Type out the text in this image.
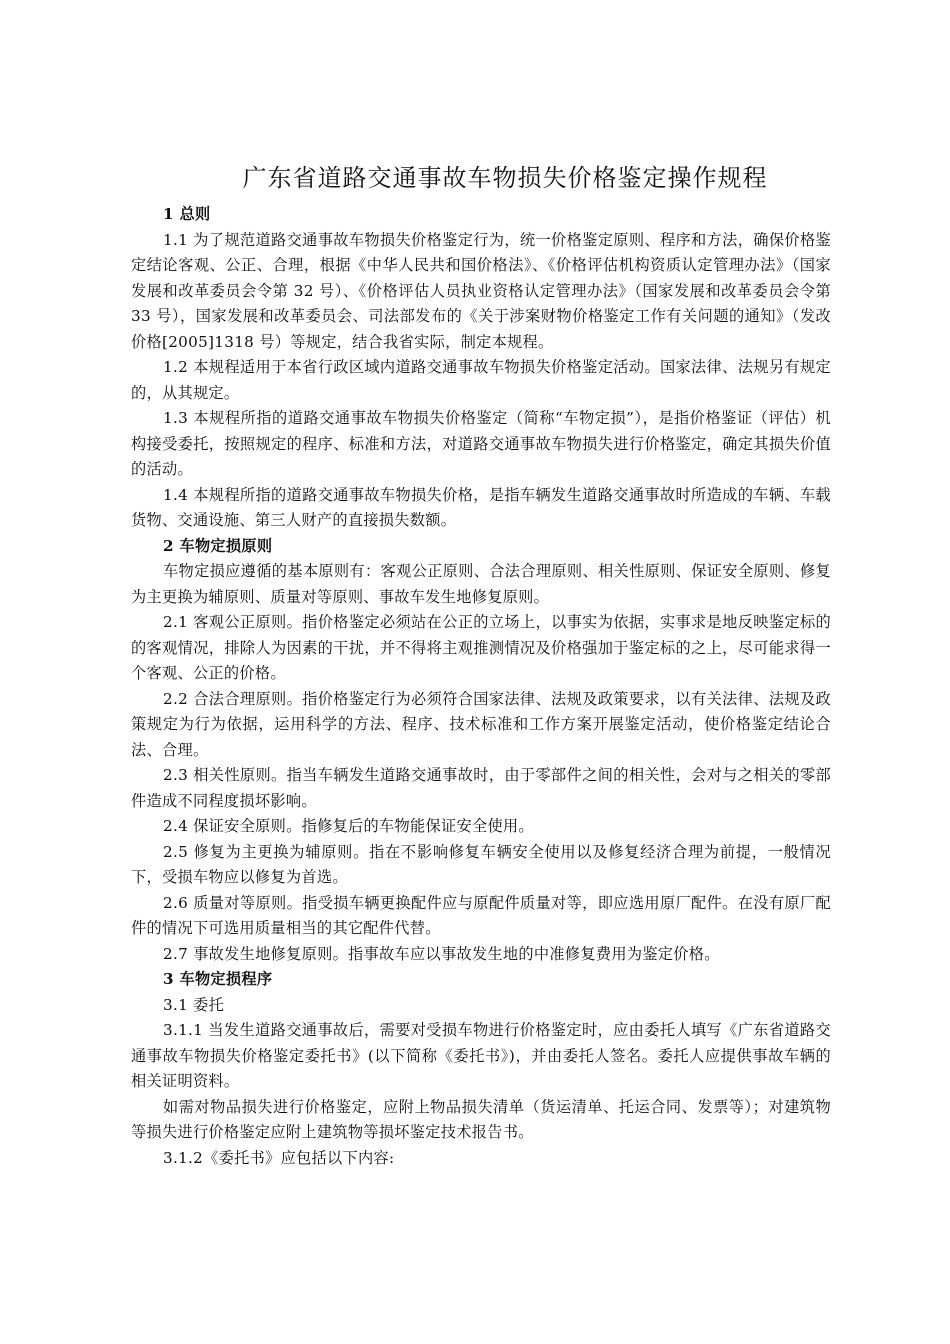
广东省道路交通事故车物损失价格鉴定操作规程

1 总则

1.1 为了规范道路交通事故车物损失价格鉴定行为，统一价格鉴定原则、程序和方法，确保价格鉴定结论客观、公正、合理，根据《中华人民共和国价格法》、《价格评估机构资质认定管理办法》（国家发展和改革委员会令第 32 号）、《价格评估人员执业资格认定管理办法》（国家发展和改革委员会令第 33 号），国家发展和改革委员会、司法部发布的《关于涉案财物价格鉴定工作有关问题的通知》（发改价格[2005]1318 号）等规定，结合我省实际，制定本规程。

1.2 本规程适用于本省行政区域内道路交通事故车物损失价格鉴定活动。国家法律、法规另有规定的，从其规定。

1.3 本规程所指的道路交通事故车物损失价格鉴定（简称“车物定损”），是指价格鉴证（评估）机构接受委托，按照规定的程序、标准和方法，对道路交通事故车物损失进行价格鉴定，确定其损失价值的活动。

1.4 本规程所指的道路交通事故车物损失价格，是指车辆发生道路交通事故时所造成的车辆、车载货物、交通设施、第三人财产的直接损失数额。

2 车物定损原则

车物定损应遵循的基本原则有：客观公正原则、合法合理原则、相关性原则、保证安全原则、修复为主更换为辅原则、质量对等原则、事故车发生地修复原则。

2.1 客观公正原则。指价格鉴定必须站在公正的立场上，以事实为依据，实事求是地反映鉴定标的的客观情况，排除人为因素的干扰，并不得将主观推测情况及价格强加于鉴定标的之上，尽可能求得一个客观、公正的价格。

2.2 合法合理原则。指价格鉴定行为必须符合国家法律、法规及政策要求，以有关法律、法规及政策规定为行为依据，运用科学的方法、程序、技术标准和工作方案开展鉴定活动，使价格鉴定结论合法、合理。

2.3 相关性原则。指当车辆发生道路交通事故时，由于零部件之间的相关性，会对与之相关的零部件造成不同程度损坏影响。

2.4 保证安全原则。指修复后的车物能保证安全使用。

2.5 修复为主更换为辅原则。指在不影响修复车辆安全使用以及修复经济合理为前提，一般情况下，受损车物应以修复为首选。

2.6 质量对等原则。指受损车辆更换配件应与原配件质量对等，即应选用原厂配件。在没有原厂配件的情况下可选用质量相当的其它配件代替。

2.7 事故发生地修复原则。指事故车应以事故发生地的中准修复费用为鉴定价格。

3 车物定损程序

3.1 委托

3.1.1 当发生道路交通事故后，需要对受损车物进行价格鉴定时，应由委托人填写《广东省道路交通事故车物损失价格鉴定委托书》(以下简称《委托书》)，并由委托人签名。委托人应提供事故车辆的相关证明资料。

如需对物品损失进行价格鉴定，应附上物品损失清单（货运清单、托运合同、发票等）；对建筑物等损失进行价格鉴定应附上建筑物等损坏鉴定技术报告书。

3.1.2《委托书》应包括以下内容:
